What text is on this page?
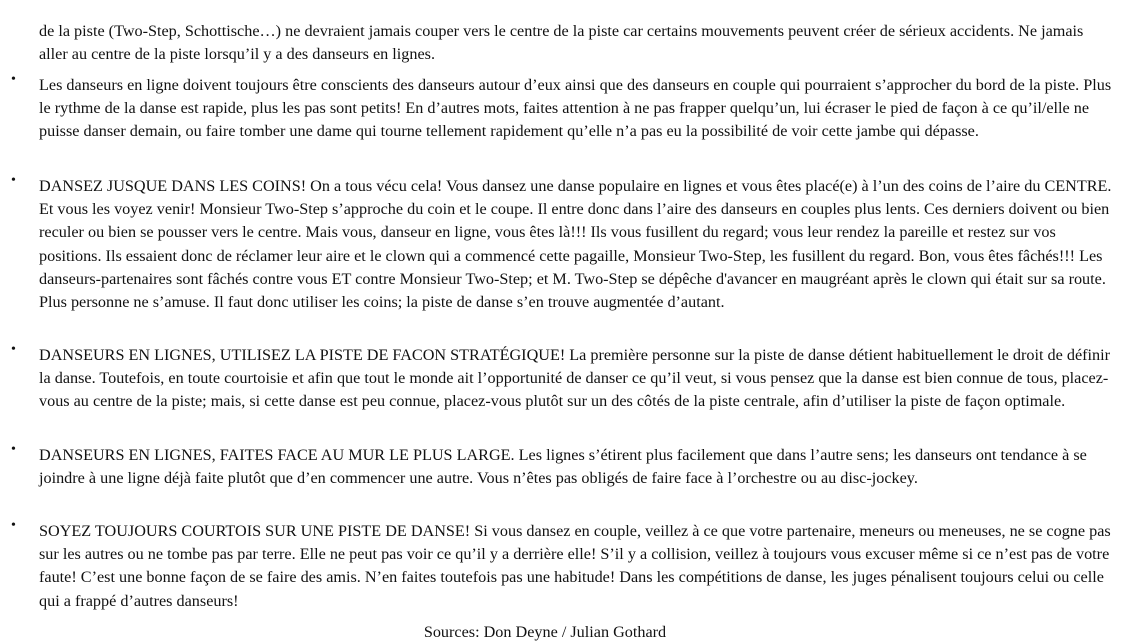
de la piste (Two-Step, Schottische…) ne devraient jamais couper vers le centre de la piste car certains mouvements peuvent créer de sérieux accidents. Ne jamais aller au centre de la piste lorsqu’il y a des danseurs en lignes.

•	Les danseurs en ligne doivent toujours être conscients des danseurs autour d’eux ainsi que des danseurs en couple qui pourraient s’approcher du bord de la piste. Plus le rythme de la danse est rapide, plus les pas sont petits! En d’autres mots, faites attention à ne pas frapper quelqu’un, lui écraser le pied de façon à ce qu’il/elle ne puisse danser demain, ou faire tomber une dame qui tourne tellement rapidement qu’elle n’a pas eu la possibilité de voir cette jambe qui dépasse.

•	DANSEZ JUSQUE DANS LES COINS! On a tous vécu cela! Vous dansez une danse populaire en lignes et vous êtes placé(e) à l’un des coins de l’aire du CENTRE. Et vous les voyez venir! Monsieur Two-Step s’approche du coin et le coupe. Il entre donc dans l’aire des danseurs en couples plus lents. Ces derniers doivent ou bien reculer ou bien se pousser vers le centre. Mais vous, danseur en ligne, vous êtes là!!! Ils vous fusillent du regard; vous leur rendez la pareille et restez sur vos positions. Ils essaient donc de réclamer leur aire et le clown qui a commencé cette pagaille, Monsieur Two-Step, les fusillent du regard. Bon, vous êtes fâchés!!! Les danseurs-partenaires sont fâchés contre vous ET contre Monsieur Two-Step; et M. Two-Step se dépêche d'avancer en maugréant après le clown qui était sur sa route. Plus personne ne s’amuse. Il faut donc utiliser les coins; la piste de danse s’en trouve augmentée d’autant.

•	DANSEURS EN LIGNES, UTILISEZ LA PISTE DE FACON STRATÉGIQUE! La première personne sur la piste de danse détient habituellement le droit de définir la danse. Toutefois, en toute courtoisie et afin que tout le monde ait l’opportunité de danser ce qu’il veut, si vous pensez que la danse est bien connue de tous, placez-vous au centre de la piste; mais, si cette danse est peu connue, placez-vous plutôt sur un des côtés de la piste centrale, afin d’utiliser la piste de façon optimale.

•	DANSEURS EN LIGNES, FAITES FACE AU MUR LE PLUS LARGE. Les lignes s’étirent plus facilement que dans l’autre sens; les danseurs ont tendance à se joindre à une ligne déjà faite plutôt que d’en commencer une autre. Vous n’êtes pas obligés de faire face à l’orchestre ou au disc-jockey.

•	SOYEZ TOUJOURS COURTOIS SUR UNE PISTE DE DANSE! Si vous dansez en couple, veillez à ce que votre partenaire, meneurs ou meneuses, ne se cogne pas sur les autres ou ne tombe pas par terre. Elle ne peut pas voir ce qu’il y a derrière elle! S’il y a collision, veillez à toujours vous excuser même si ce n’est pas de votre faute! C’est une bonne façon de se faire des amis. N’en faites toutefois pas une habitude! Dans les compétitions de danse, les juges pénalisent toujours celui ou celle qui a frappé d’autres danseurs!

Sources: Don Deyne / Julian Gothard
